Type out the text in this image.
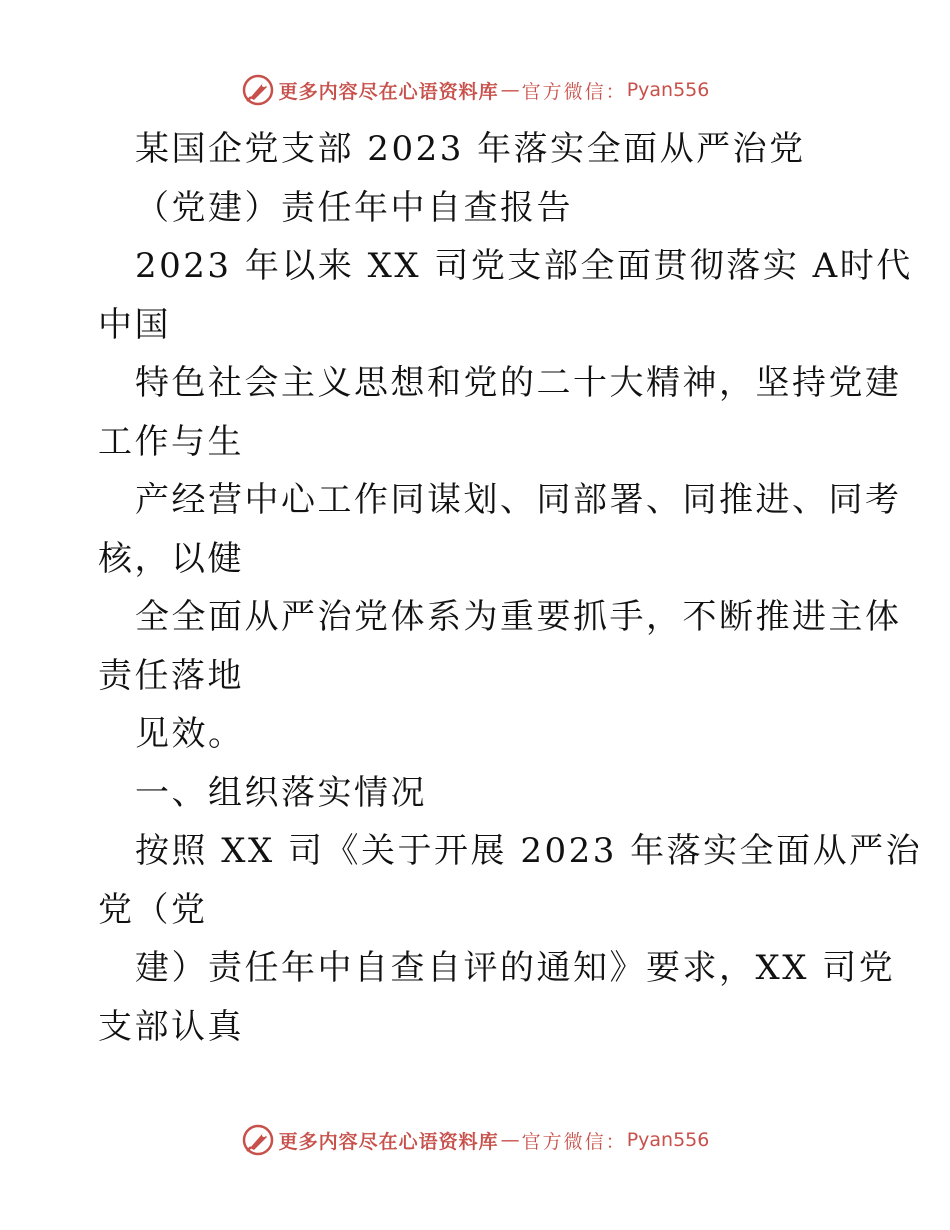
更多内容尽在心语资料库 — 官方微信： Pyan556
某国企党支部 2023 年落实全面从严治党
（党建）责任年中自查报告
2023 年以来 XX 司党支部全面贯彻落实 A时代
中国
特色社会主义思想和党的二十大精神，坚持党建
工作与生
产经营中心工作同谋划、同部署、同推进、同考
核，以健
全全面从严治党体系为重要抓手，不断推进主体
责任落地
见效。
一、组织落实情况
按照 XX 司《关于开展 2023 年落实全面从严治
党（党
建）责任年中自查自评的通知》要求，XX 司党
支部认真
更多内容尽在心语资料库 — 官方微信： Pyan556
